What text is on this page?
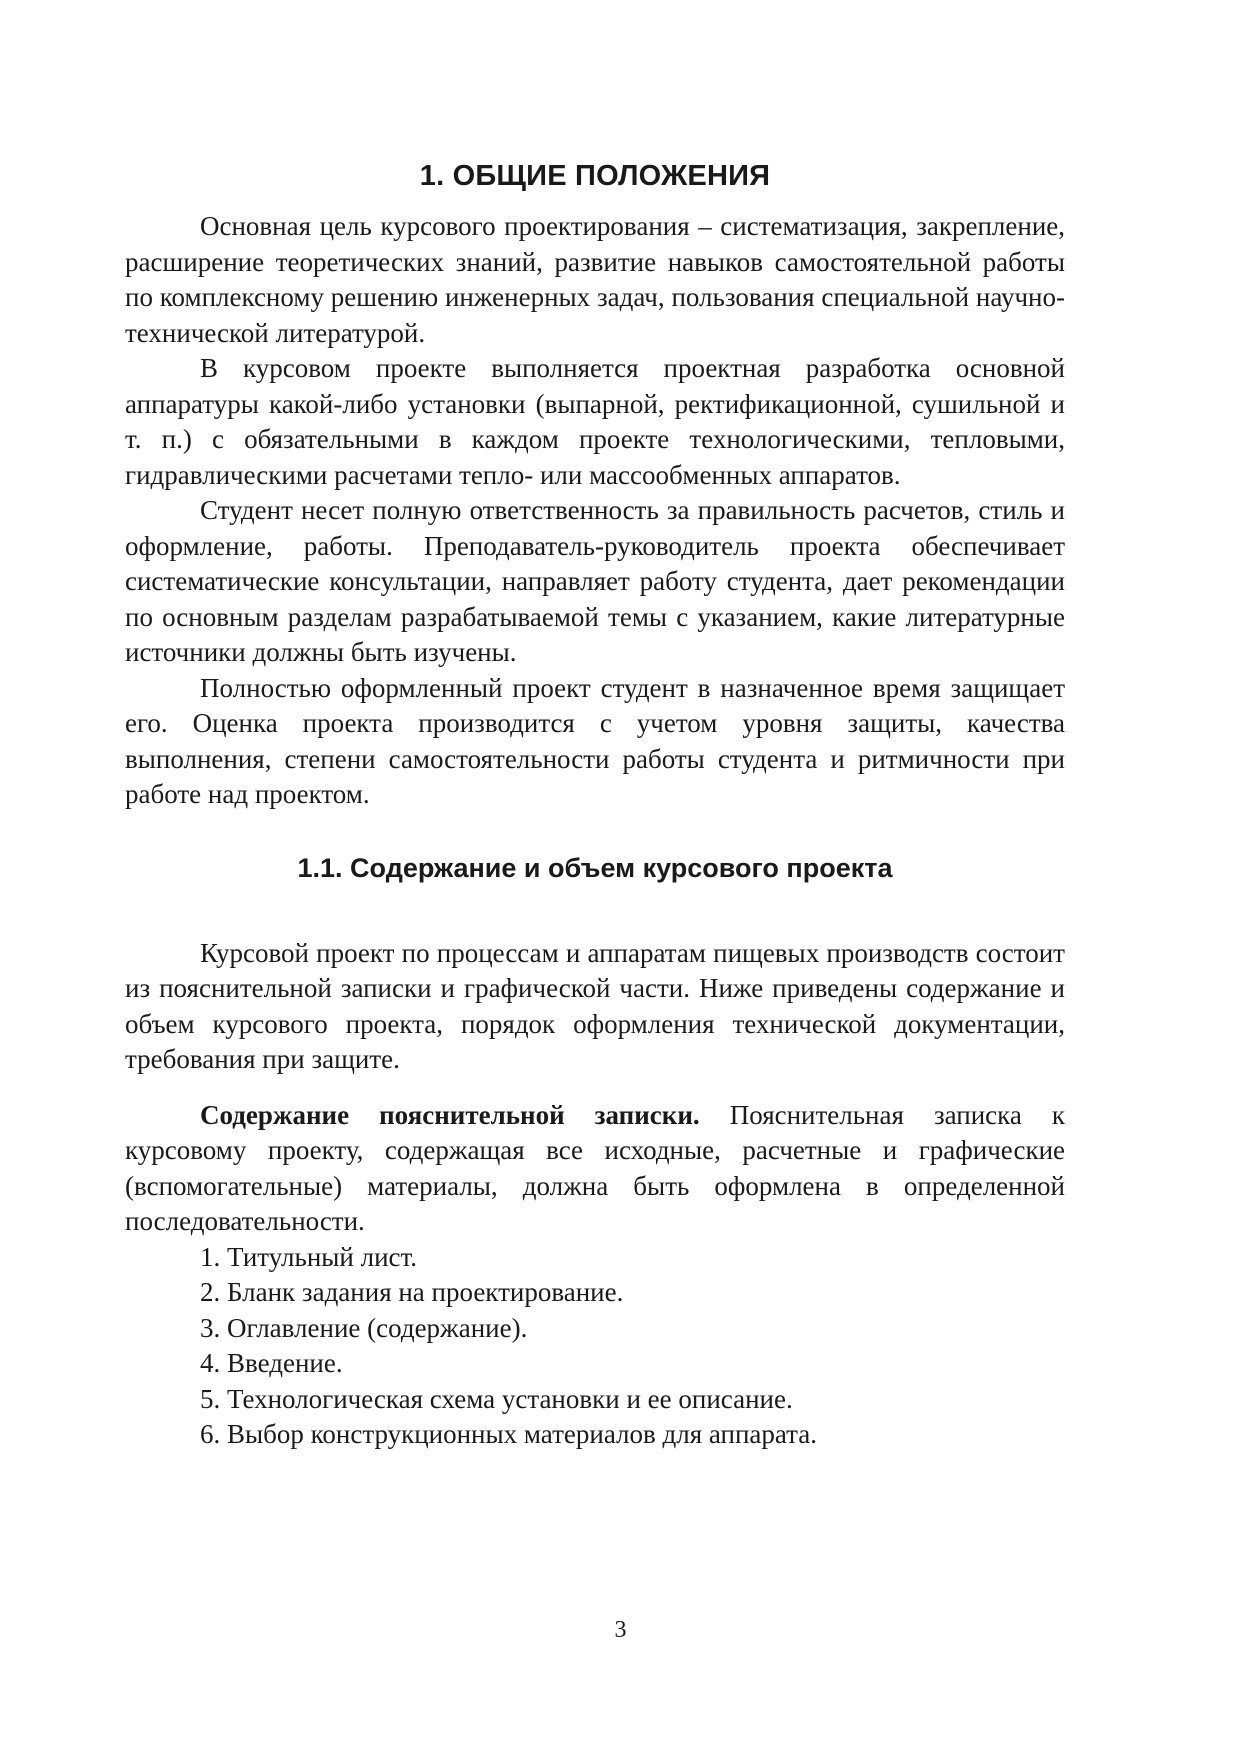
1. ОБЩИЕ ПОЛОЖЕНИЯ

Основная цель курсового проектирования – систематизация, закрепление, расширение теоретических знаний, развитие навыков самостоятельной работы по комплексному решению инженерных задач, пользования специальной научно-технической литературой.

В курсовом проекте выполняется проектная разработка основной аппаратуры какой-либо установки (выпарной, ректификационной, сушильной и т. п.) с обязательными в каждом проекте технологическими, тепловыми, гидравлическими расчетами тепло- или массообменных аппаратов.

Студент несет полную ответственность за правильность расчетов, стиль и оформление, работы. Преподаватель-руководитель проекта обеспечивает систематические консультации, направляет работу студента, дает рекомендации по основным разделам разрабатываемой темы с указанием, какие литературные источники должны быть изучены.

Полностью оформленный проект студент в назначенное время защищает его. Оценка проекта производится с учетом уровня защиты, качества выполнения, степени самостоятельности работы студента и ритмичности при работе над проектом.

1.1. Содержание и объем курсового проекта

Курсовой проект по процессам и аппаратам пищевых производств состоит из пояснительной записки и графической части. Ниже приведены содержание и объем курсового проекта, порядок оформления технической документации, требования при защите.

Содержание пояснительной записки. Пояснительная записка к курсовому проекту, содержащая все исходные, расчетные и графические (вспомогательные) материалы, должна быть оформлена в определенной последовательности.

1. Титульный лист.
2. Бланк задания на проектирование.
3. Оглавление (содержание).
4. Введение.
5. Технологическая схема установки и ее описание.
6. Выбор конструкционных материалов для аппарата.
3
